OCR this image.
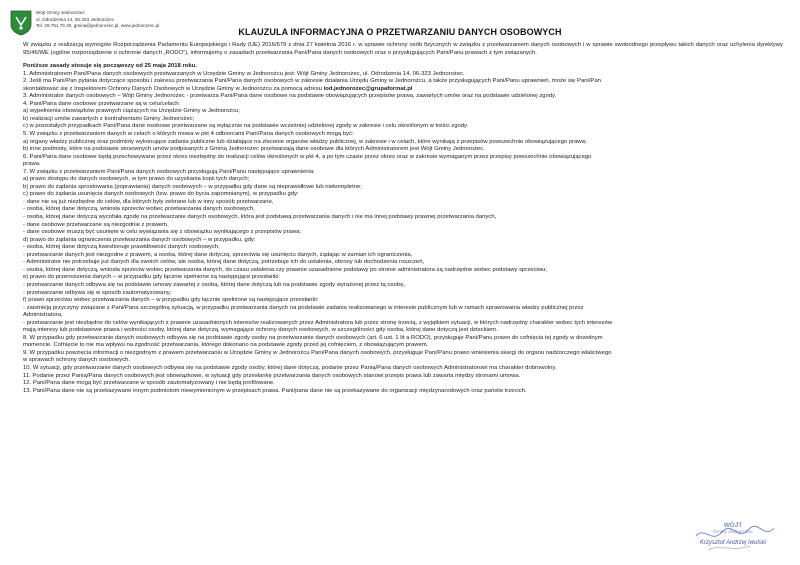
Wójt Gminy Jednorożec
ul. Odrodzenia 14, 06-323 Jednorożec
Tel. 29 751 70 30, gmina@jednorozec.pl, www.jednorozec.pl
KLAUZULA INFORMACYJNA O PRZETWARZANIU DANYCH OSOBOWYCH

W związku z realizacją wymogów Rozporządzenia Parlamentu Europejskiego i Rady (UE) 2016/679 z dnia 27 kwietnia 2016 r. w sprawie ochrony osób fizycznych w związku z przetwarzaniem danych osobowych i w sprawie swobodnego przepływu takich danych oraz uchylenia dyrektywy 95/46/WE (ogólne rozporządzenie o ochronie danych „RODO"), informujemy o zasadach przetwarzania Pani/Pana danych osobowych oraz o przysługujących Pani/Panu prawach z tym związanych.

Poniższe zasady stosuje się począwszy od 25 maja 2018 roku.

1. Administratorem Pani/Pana danych osobowych przetwarzanych w Urzędzie Gminy w Jednorożcu jest: Wójt Gminy Jednorożec, ul. Odrodzenia 14, 06-323 Jednorożec.

2. Jeśli ma Pani/Pan pytania dotyczące sposobu i zakresu przetwarzania Pani/Pana danych osobowych w zakresie działania Urzędu Gminy w Jednorożcu, a także przysługujących Pani/Panu uprawnień, może się Pani/Pan

skontaktować się z Inspektorem Ochrony Danych Osobowych w Urzędzie Gminy w Jednorożcu za pomocą adresu iod.jednorozec@grupaformat.pl

3. Administrator danych osobowych – Wójt Gminy Jednorożec - przetwarza Pani/Pana dane osobowe na podstawie obowiązujących przepisów prawa, zawartych umów oraz na podstawie udzielonej zgody.

4. Pani/Pana dane osobowe przetwarzane są w celu/celach:

a) wypełnienia obowiązków prawnych ciążących na Urzędzie Gminy w Jednorożcu;

b) realizacji umów zawartych z kontrahentami Gminy Jednorożec;

c) w pozostałych przypadkach Pani/Pana dane osobowe przetwarzane są wyłącznie na podstawie wcześniej udzielonej zgody w zakresie i celu określonym w treści zgody.

5. W związku z przetwarzaniem danych w celach o których mowa w pkt 4 odbiorcami Pani/Pana danych osobowych mogą być:

a) organy władzy publicznej oraz podmioty wykonujące zadania publiczne lub działające na zlecenie organów władzy publicznej, w zakresie i w celach, które wynikają z przepisów powszechnie obowiązującego prawa;

b) inne podmioty, które na podstawie stosownych umów podpisanych z Gminą Jednorożec przetwarzają dane osobowe dla których Administratorem jest Wójt Gminy Jednorożec.

6. Pani/Pana dane osobowe będą przechowywane przez okres niezbędny do realizacji celów określonych w pkt 4, a po tym czasie przez okres oraz w zakresie wymaganym przez przepisy powszechnie obowiązującego

prawa.

7. W związku z przetwarzaniem Pani/Pana danych osobowych przysługują Pani/Panu następujące uprawnienia:

a) prawo dostępu do danych osobowych, w tym prawo do uzyskania kopii tych danych;

b) prawo do żądania sprostowania (poprawiania) danych osobowych – w przypadku gdy dane są nieprawidłowe lub niekompletne;

c) prawo do żądania usunięcia danych osobowych (tzw. prawo do bycia zapomnianym), w przypadku gdy:

- dane nie są już niezbędne do celów, dla których były zebrane lub w inny sposób przetwarzane,

- osoba, której dane dotyczą, wniosła sprzeciw wobec przetwarzania danych osobowych,

- osoba, której dane dotyczą wycofała zgodę na przetwarzanie danych osobowych, która jest podstawą przetwarzania danych i nie ma innej podstawy prawnej przetwarzania danych,

- dane osobowe przetwarzane są niezgodnie z prawem,

- dane osobowe muszą być usunięte w celu wywiązania się z obowiązku wynikającego z przepisów prawa;

d) prawo do żądania ograniczenia przetwarzania danych osobowych – w przypadku, gdy:

- osoba, której dane dotyczą kwestionuje prawidłowość danych osobowych,

- przetwarzanie danych jest niezgodne z prawem, a osoba, której dane dotyczą, sprzeciwia się usunięciu danych, żądając w zamian ich ograniczenia,

- Administrator nie potrzebuje już danych dla swoich celów, ale osoba, której dane dotyczą, potrzebuje ich do ustalenia, obrony lub dochodzenia roszczeń,

- osoba, której dane dotyczą, wniosła sprzeciw wobec przetwarzania danych, do czasu ustalenia czy prawnie uzasadnione podstawy po stronie administratora są nadrzędne wobec podstawy sprzeciwu;

e) prawo do przenoszenia danych – w przypadku gdy łącznie spełnione są następujące przesłanki:

- przetwarzanie danych odbywa się na podstawie umowy zawartej z osobą, której dane dotyczą lub na podstawie zgody wyrażonej przez tą osobę,

- przetwarzanie odbywa się w sposób zautomatyzowany;

f) prawo sprzeciwu wobec przetwarzania danych – w przypadku gdy łącznie spełnione są następujące przesłanki:

- zaistnieją przyczyny związane z Pani/Pana szczególną sytuacją, w przypadku przetwarzania danych na podstawie zadania realizowanego w interesie publicznym lub w ramach sprawowania władzy publicznej przez

Administratora,

- przetwarzanie jest niezbędne do celów wynikających z prawnie uzasadnionych interesów realizowanych przez Administratora lub przez stronę trzecią, z wyjątkiem sytuacji, w których nadrzędny charakter wobec tych interesów

mają interesy lub podstawowe prawa i wolności osoby, której dane dotyczą, wymagające ochrony danych osobowych, w szczególności gdy osoba, której dane dotyczą jest dzieckiem.

8. W przypadku gdy przetwarzanie danych osobowych odbywa się na podstawie zgody osoby na przetwarzanie danych osobowych (art. 6 ust. 1 lit a RODO), przysługuje Pani/Panu prawo do cofnięcia tej zgody w dowolnym

momencie. Cofnięcie to nie ma wpływu na zgodność przetwarzania, którego dokonano na podstawie zgody przed jej cofnięciem, z obowiązującym prawem.

9. W przypadku powzięcia informacji o niezgodnym z prawem przetwarzaniu w Urzędzie Gminy w Jednorożcu Pani/Pana danych osobowych, przysługuje Pani/Panu prawo wniesienia skargi do organu nadzorczego właściwego

w sprawach ochrony danych osobowych.

10. W sytuacji, gdy przetwarzanie danych osobowych odbywa się na podstawie zgody osoby, której dane dotyczą, podanie przez Panią/Pana danych osobowych Administratorowi ma charakter dobrowolny.

11. Podanie przez Panią/Pana danych osobowych jest obowiązkowe, w sytuacji gdy przesłankę przetwarzania danych osobowych stanowi przepis prawa lub zawarta między stronami umowa.

12. Pani/Pana dane mogą być przetwarzane w sposób zautomatyzowany i nie będą profilowane.

13. Pani/Pana dane nie są przekazywane innym podmiotom niewymienionym w przepisach prawa. Pani/pana dane nie są przekazywane do organizacji międzynarodowych oraz państw trzecich.

WÓJT
Gminy Jednorożec
Krzysztof Andrzej Iwulski
